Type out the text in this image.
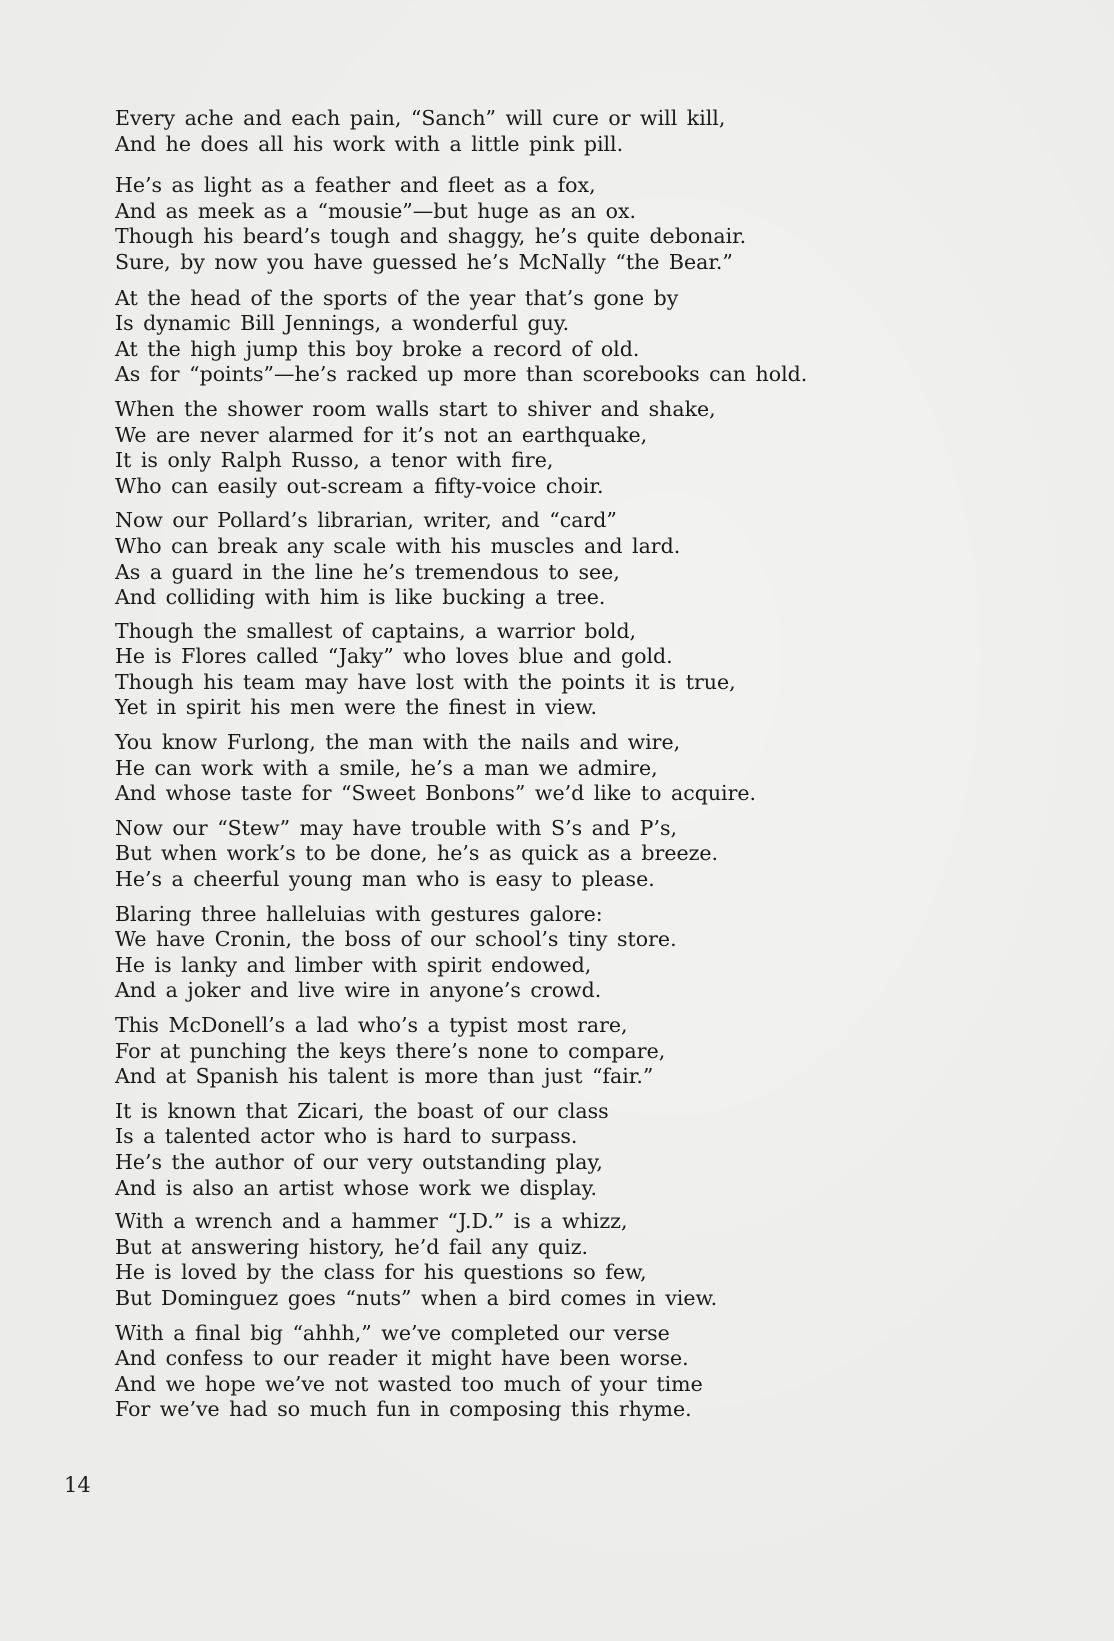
Every ache and each pain, “Sanch” will cure or will kill,
And he does all his work with a little pink pill.
He’s as light as a feather and fleet as a fox,
And as meek as a “mousie”—but huge as an ox.
Though his beard’s tough and shaggy, he’s quite debonair.
Sure, by now you have guessed he’s McNally “the Bear.”
At the head of the sports of the year that’s gone by
Is dynamic Bill Jennings, a wonderful guy.
At the high jump this boy broke a record of old.
As for “points”—he’s racked up more than scorebooks can hold.
When the shower room walls start to shiver and shake,
We are never alarmed for it’s not an earthquake,
It is only Ralph Russo, a tenor with fire,
Who can easily out-scream a fifty-voice choir.
Now our Pollard’s librarian, writer, and “card”
Who can break any scale with his muscles and lard.
As a guard in the line he’s tremendous to see,
And colliding with him is like bucking a tree.
Though the smallest of captains, a warrior bold,
He is Flores called “Jaky” who loves blue and gold.
Though his team may have lost with the points it is true,
Yet in spirit his men were the finest in view.
You know Furlong, the man with the nails and wire,
He can work with a smile, he’s a man we admire,
And whose taste for “Sweet Bonbons” we’d like to acquire.
Now our “Stew” may have trouble with S’s and P’s,
But when work’s to be done, he’s as quick as a breeze.
He’s a cheerful young man who is easy to please.
Blaring three halleluias with gestures galore:
We have Cronin, the boss of our school’s tiny store.
He is lanky and limber with spirit endowed,
And a joker and live wire in anyone’s crowd.
This McDonell’s a lad who’s a typist most rare,
For at punching the keys there’s none to compare,
And at Spanish his talent is more than just “fair.”
It is known that Zicari, the boast of our class
Is a talented actor who is hard to surpass.
He’s the author of our very outstanding play,
And is also an artist whose work we display.
With a wrench and a hammer “J.D.” is a whizz,
But at answering history, he’d fail any quiz.
He is loved by the class for his questions so few,
But Dominguez goes “nuts” when a bird comes in view.
With a final big “ahhh,” we’ve completed our verse
And confess to our reader it might have been worse.
And we hope we’ve not wasted too much of your time
For we’ve had so much fun in composing this rhyme.
14
